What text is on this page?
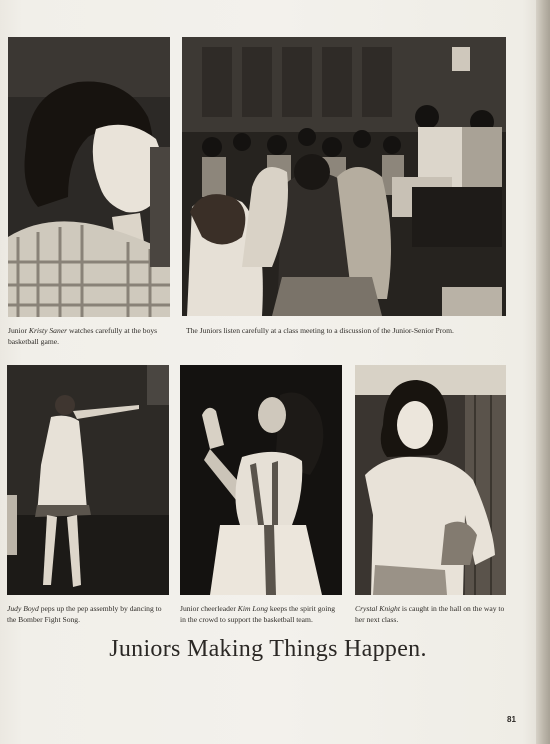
Junior Kristy Saner watches carefully at the boys basketball game.

The Juniors listen carefully at a class meeting to a discussion of the Junior-Senior Prom.

Judy Boyd peps up the pep assembly by dancing to the Bomber Fight Song.

Junior cheerleader Kim Long keeps the spirit going in the crowd to support the basketball team.

Crystal Knight is caught in the hall on the way to her next class.

Juniors Making Things Happen.
81
